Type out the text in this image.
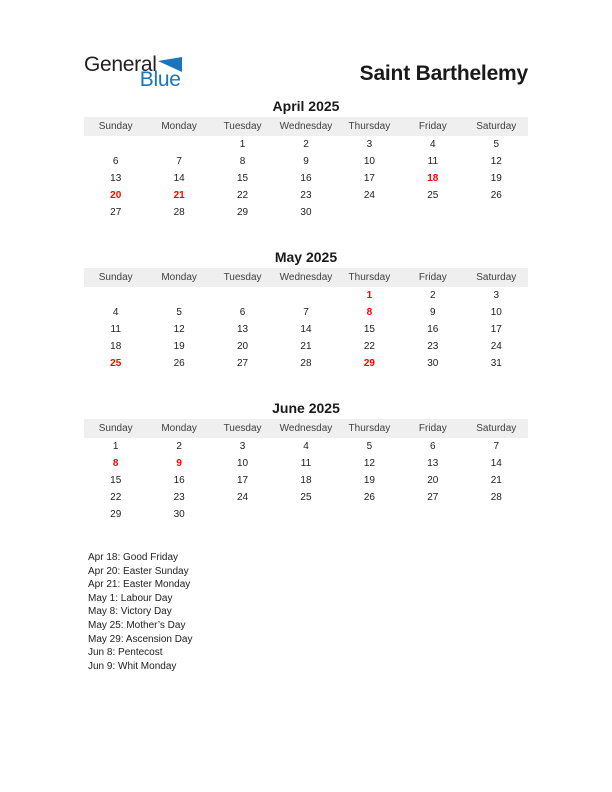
General
Blue	Saint Barthelemy
April 2025
Sunday	Monday	Tuesday	Wednesday	Thursday	Friday	Saturday
		1	2	3	4	5
6	7	8	9	10	11	12
13	14	15	16	17	18	19
20	21	22	23	24	25	26
27	28	29	30			
May 2025
Sunday	Monday	Tuesday	Wednesday	Thursday	Friday	Saturday
				1	2	3
4	5	6	7	8	9	10
11	12	13	14	15	16	17
18	19	20	21	22	23	24
25	26	27	28	29	30	31
June 2025
Sunday	Monday	Tuesday	Wednesday	Thursday	Friday	Saturday
1	2	3	4	5	6	7
8	9	10	11	12	13	14
15	16	17	18	19	20	21
22	23	24	25	26	27	28
29	30					
Apr 18: Good Friday
Apr 20: Easter Sunday
Apr 21: Easter Monday
May 1: Labour Day
May 8: Victory Day
May 25: Mother’s Day
May 29: Ascension Day
Jun 8: Pentecost
Jun 9: Whit Monday
